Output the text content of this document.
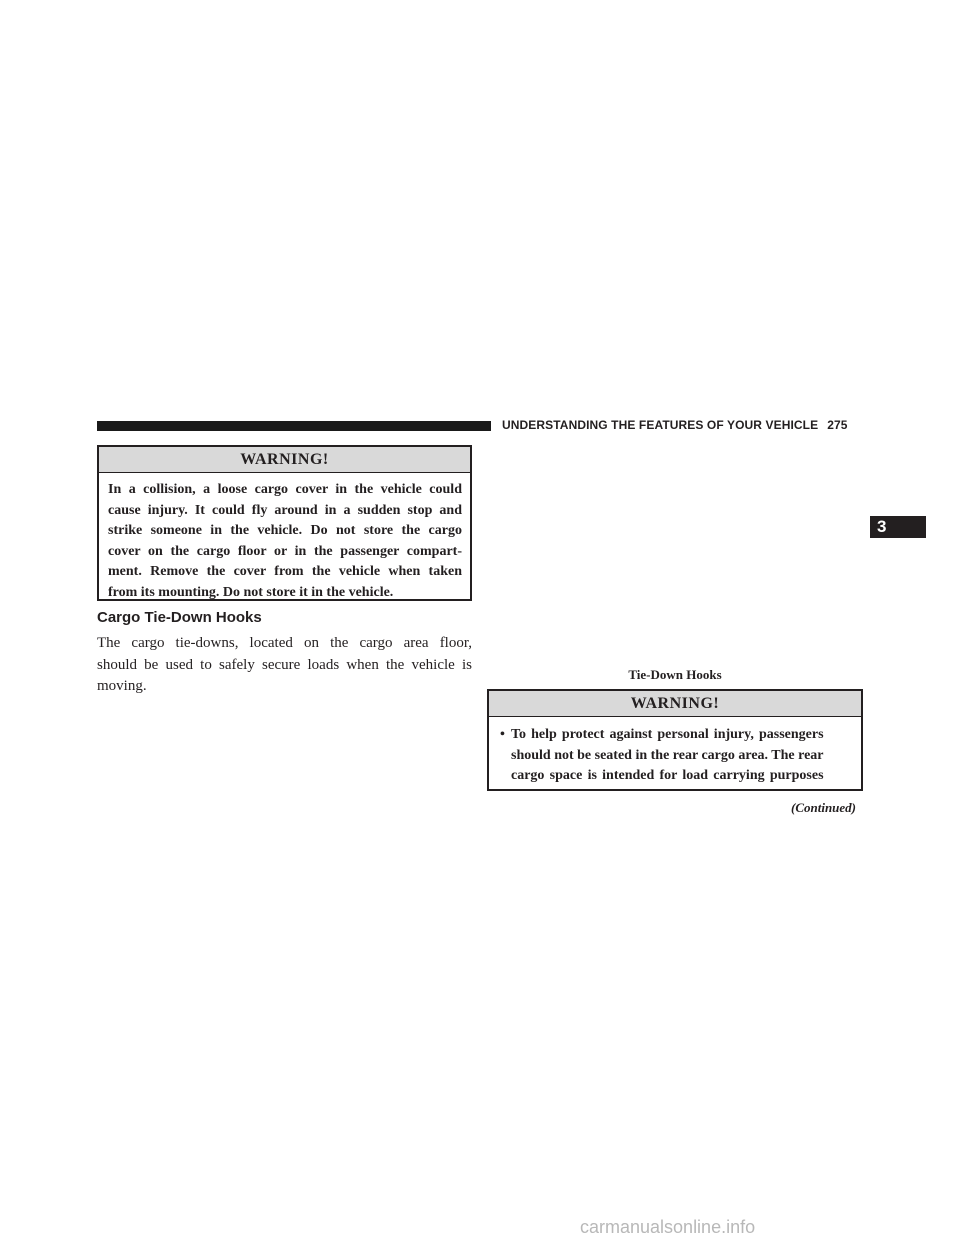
UNDERSTANDING THE FEATURES OF YOUR VEHICLE 275
3
WARNING!
In a collision, a loose cargo cover in the vehicle could
cause injury. It could fly around in a sudden stop and
strike someone in the vehicle. Do not store the cargo
cover on the cargo floor or in the passenger compart-
ment. Remove the cover from the vehicle when taken
from its mounting. Do not store it in the vehicle.
Cargo Tie-Down Hooks
The cargo tie-downs, located on the cargo area floor,
should be used to safely secure loads when the vehicle is
moving.
Tie-Down Hooks
WARNING!
• To help protect against personal injury, passengers
should not be seated in the rear cargo area. The rear
cargo space is intended for load carrying purposes
(Continued)
carmanualsonline.info
